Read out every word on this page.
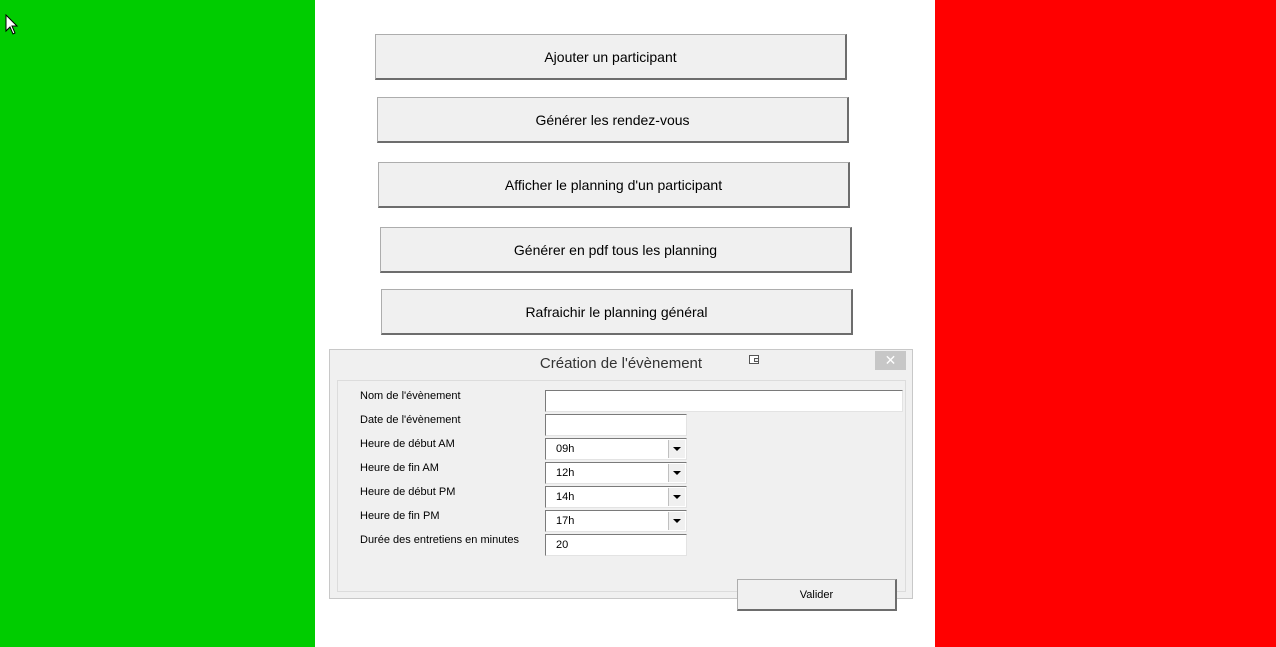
Ajouter un participant
Générer les rendez-vous
Afficher le planning d'un participant
Générer en pdf tous les planning
Rafraichir le planning général
Création de l'évènement	✕
Nom de l'évènement
Date de l'évènement
Heure de début AM	09h
Heure de fin AM	12h
Heure de début PM	14h
Heure de fin PM	17h
Durée des entretiens en minutes	20
Valider
